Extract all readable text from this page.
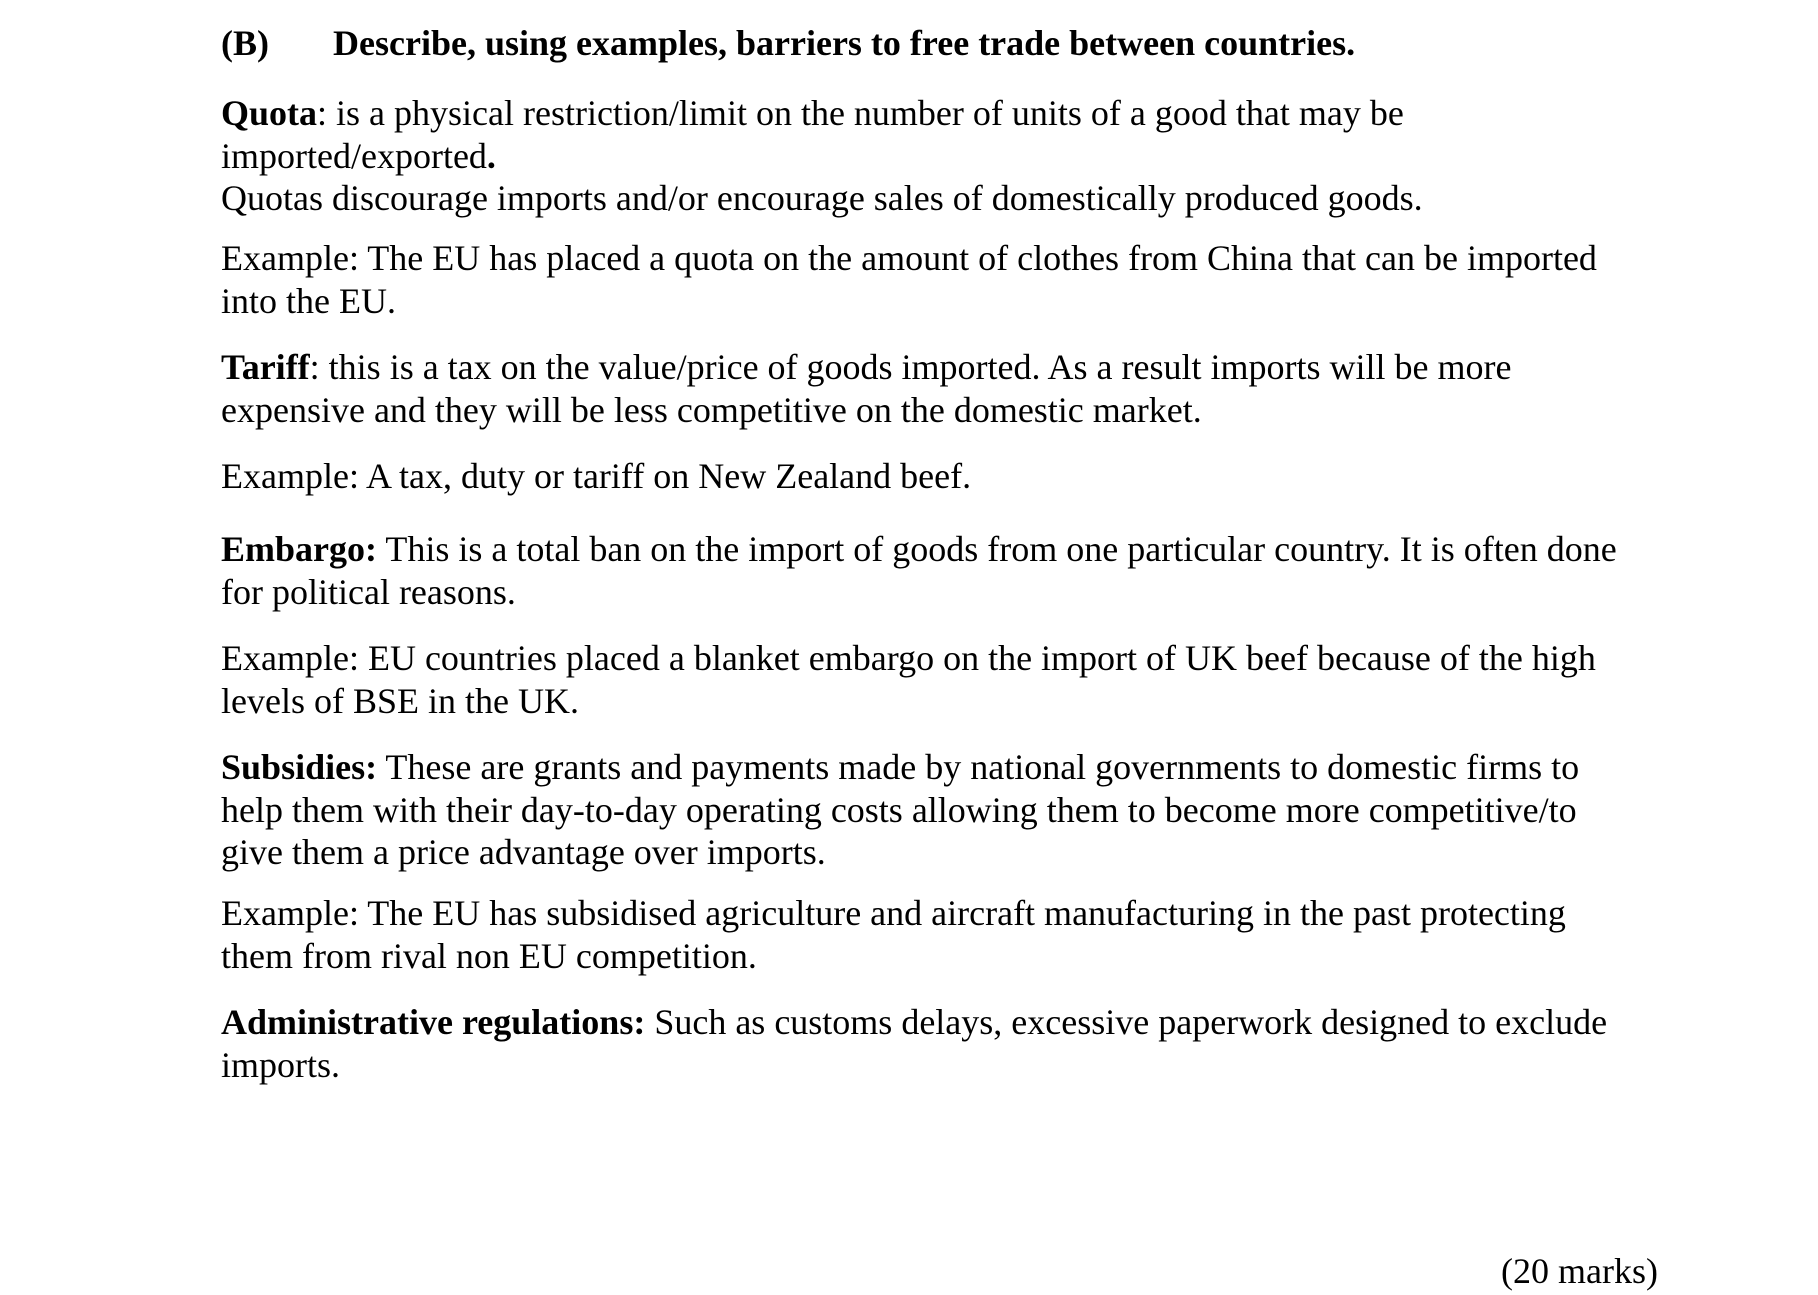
(B) Describe, using examples, barriers to free trade between countries.
Quota: is a physical restriction/limit on the number of units of a good that may be
imported/exported.
Quotas discourage imports and/or encourage sales of domestically produced goods.
Example: The EU has placed a quota on the amount of clothes from China that can be imported
into the EU.
Tariff: this is a tax on the value/price of goods imported. As a result imports will be more
expensive and they will be less competitive on the domestic market.
Example: A tax, duty or tariff on New Zealand beef.
Embargo: This is a total ban on the import of goods from one particular country. It is often done
for political reasons.
Example: EU countries placed a blanket embargo on the import of UK beef because of the high
levels of BSE in the UK.
Subsidies: These are grants and payments made by national governments to domestic firms to
help them with their day-to-day operating costs allowing them to become more competitive/to
give them a price advantage over imports.
Example: The EU has subsidised agriculture and aircraft manufacturing in the past protecting
them from rival non EU competition.
Administrative regulations: Such as customs delays, excessive paperwork designed to exclude
imports.
(20 marks)
